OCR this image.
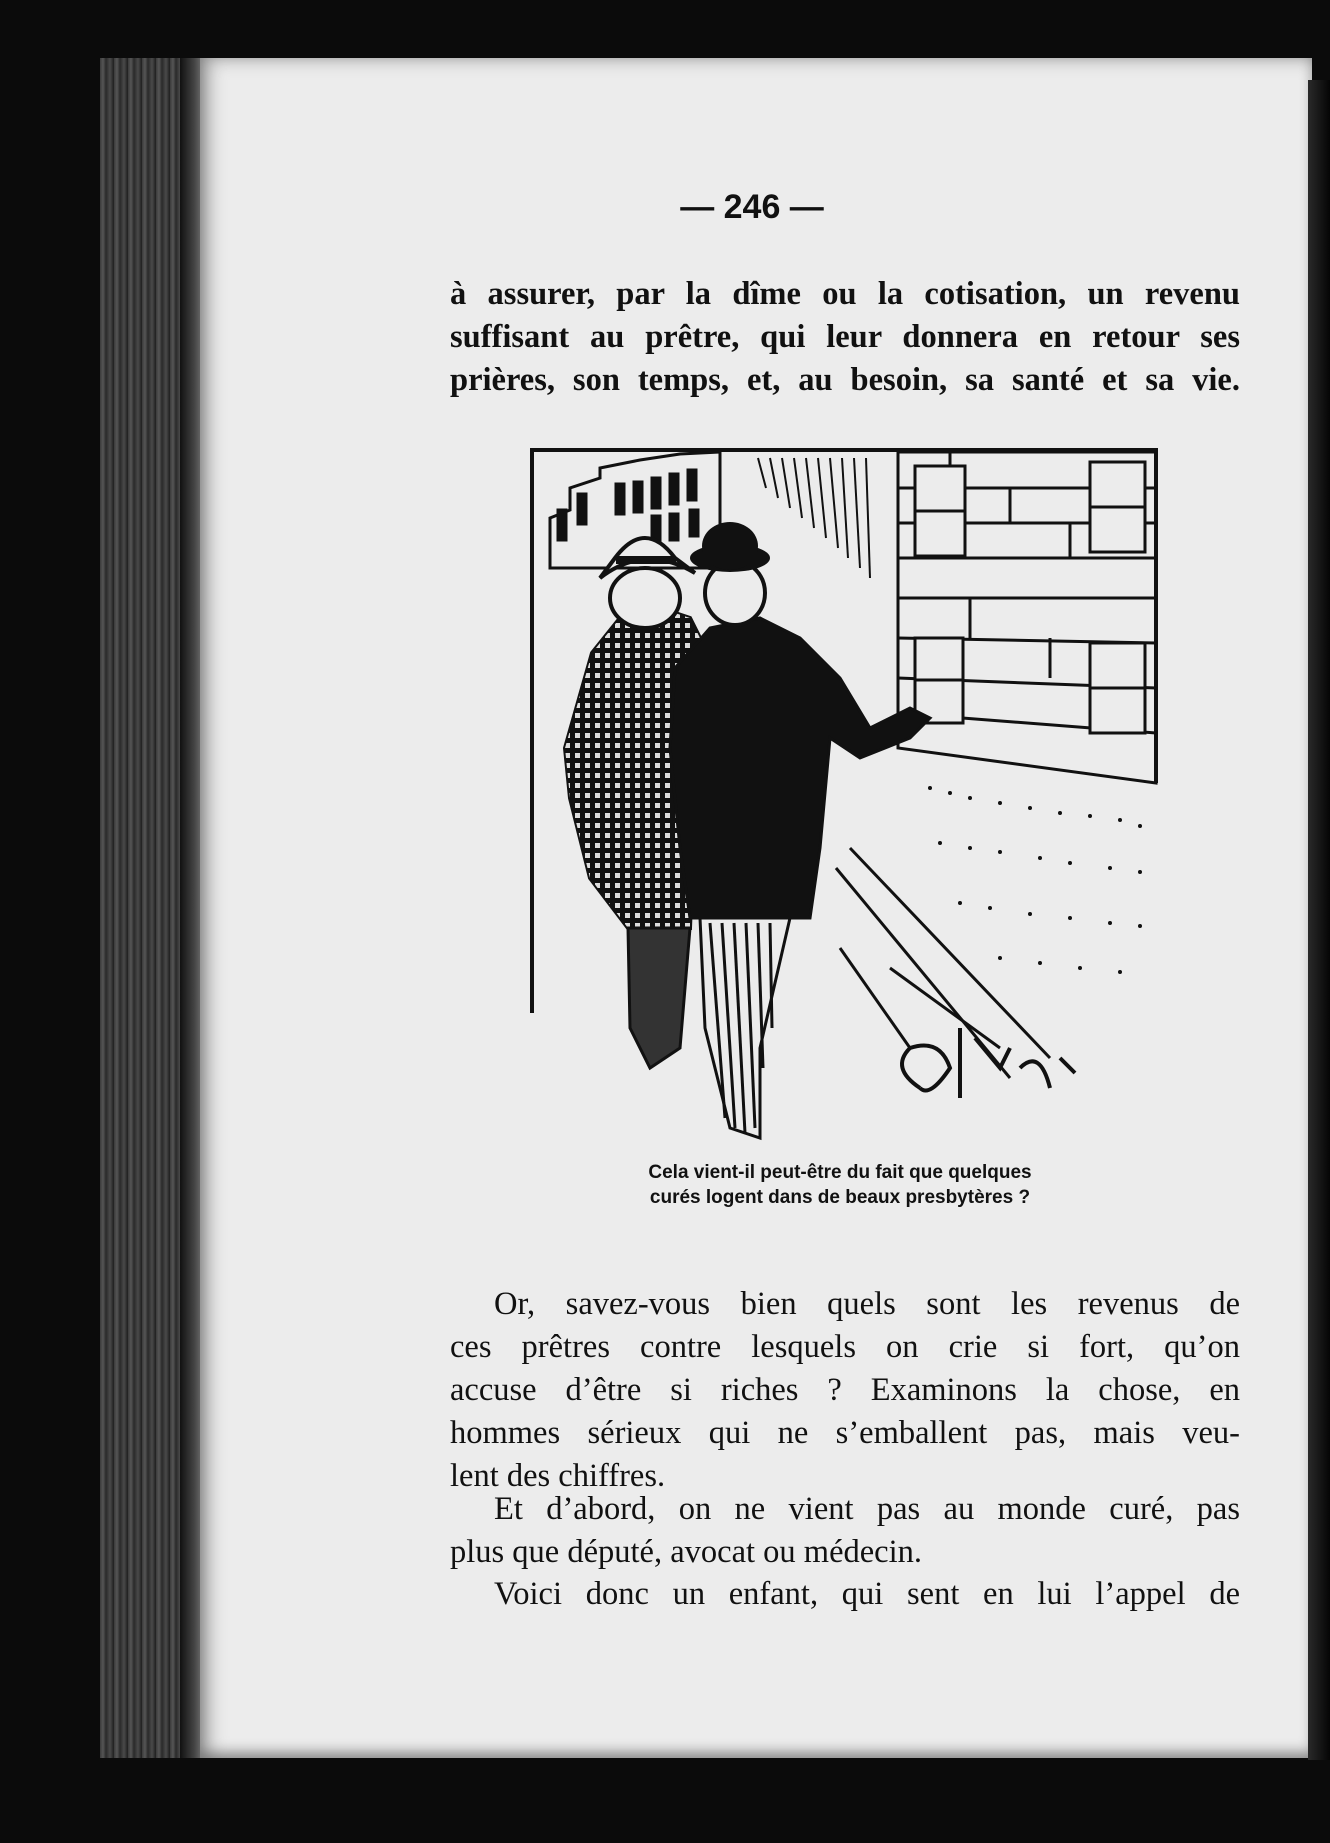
— 246 —
à assurer, par la dîme ou la cotisation, un revenu
suffisant au prêtre, qui leur donnera en retour ses
prières, son temps, et, au besoin, sa santé et sa vie.
Cela vient-il peut-être du fait que quelques
curés logent dans de beaux presbytères ?
Or, savez-vous bien quels sont les revenus de
ces prêtres contre lesquels on crie si fort, qu’on
accuse d’être si riches ? Examinons la chose, en
hommes sérieux qui ne s’emballent pas, mais veu-
lent des chiffres.
Et d’abord, on ne vient pas au monde curé, pas
plus que député, avocat ou médecin.
Voici donc un enfant, qui sent en lui l’appel de
